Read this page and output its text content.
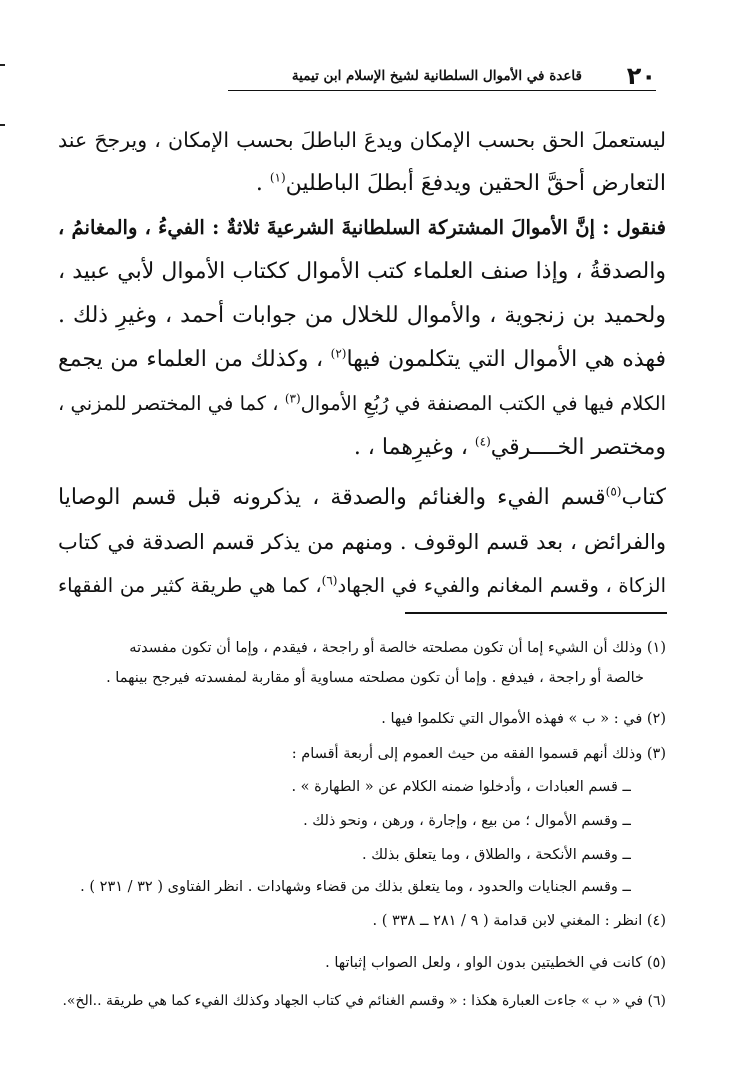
٢٠
قاعدة في الأموال السلطانية لشيخ الإسلام ابن تيمية
ليستعملَ الحق بحسب الإمكان ويدعَ الباطلَ بحسب الإمكان ، ويرجحَ عند
التعارض أحقَّ الحقين ويدفعَ أبطلَ الباطلين$^{(١)}$ .
فنقول : إنَّ الأموالَ المشتركة السلطانيةَ الشرعيةَ ثلاثةٌ : الفيءُ ، والمغانمُ ،
والصدقةُ ، وإذا صنف العلماء كتب الأموال ككتاب الأموال لأبي عبيد ،
ولحميد بن زنجوية ، والأموال للخلال من جوابات أحمد ، وغيرِ ذلك .
فهذه هي الأموال التي يتكلمون فيها$^{(٢)}$ ، وكذلك من العلماء من يجمع
الكلام فيها في الكتب المصنفة في رُبُعِ الأموال$^{(٣)}$ ، كما في المختصر للمزني ،
ومختصر الخــــرقي$^{(٤)}$ ، وغيرِهما ، .
كتاب$^{(٥)}$قسم الفيء والغنائم والصدقة ، يذكرونه قبل قسم الوصايا
والفرائض ، بعد قسم الوقوف . ومنهم من يذكر قسم الصدقة في كتاب
الزكاة ، وقسم المغانم والفيء في الجهاد$^{(٦)}$، كما هي طريقة كثير من الفقهاء
(١) وذلك أن الشيء إما أن تكون مصلحته خالصة أو راجحة ، فيقدم ، وإما أن تكون مفسدته
خالصة أو راجحة ، فيدفع . وإما أن تكون مصلحته مساوية أو مقاربة لمفسدته فيرجح بينهما .
(٢) في : « ب » فهذه الأموال التي تكلموا فيها .
(٣) وذلك أنهم قسموا الفقه من حيث العموم إلى أربعة أقسام :
ــ قسم العبادات ، وأدخلوا ضمنه الكلام عن « الطهارة » .
ــ وقسم الأموال ؛ من بيع ، وإجارة ، ورهن ، ونحو ذلك .
ــ وقسم الأنكحة ، والطلاق ، وما يتعلق بذلك .
ــ وقسم الجنايات والحدود ، وما يتعلق بذلك من قضاء وشهادات . انظر الفتاوى ( ٣٢ / ٢٣١ ) .
(٤) انظر : المغني لابن قدامة ( ٩ / ٢٨١ ــ ٣٣٨ ) .
(٥) كانت في الخطيتين بدون الواو ، ولعل الصواب إثباتها .
(٦) في « ب » جاءت العبارة هكذا : « وقسم الغنائم في كتاب الجهاد وكذلك الفيء كما هي طريقة ..الخ».
